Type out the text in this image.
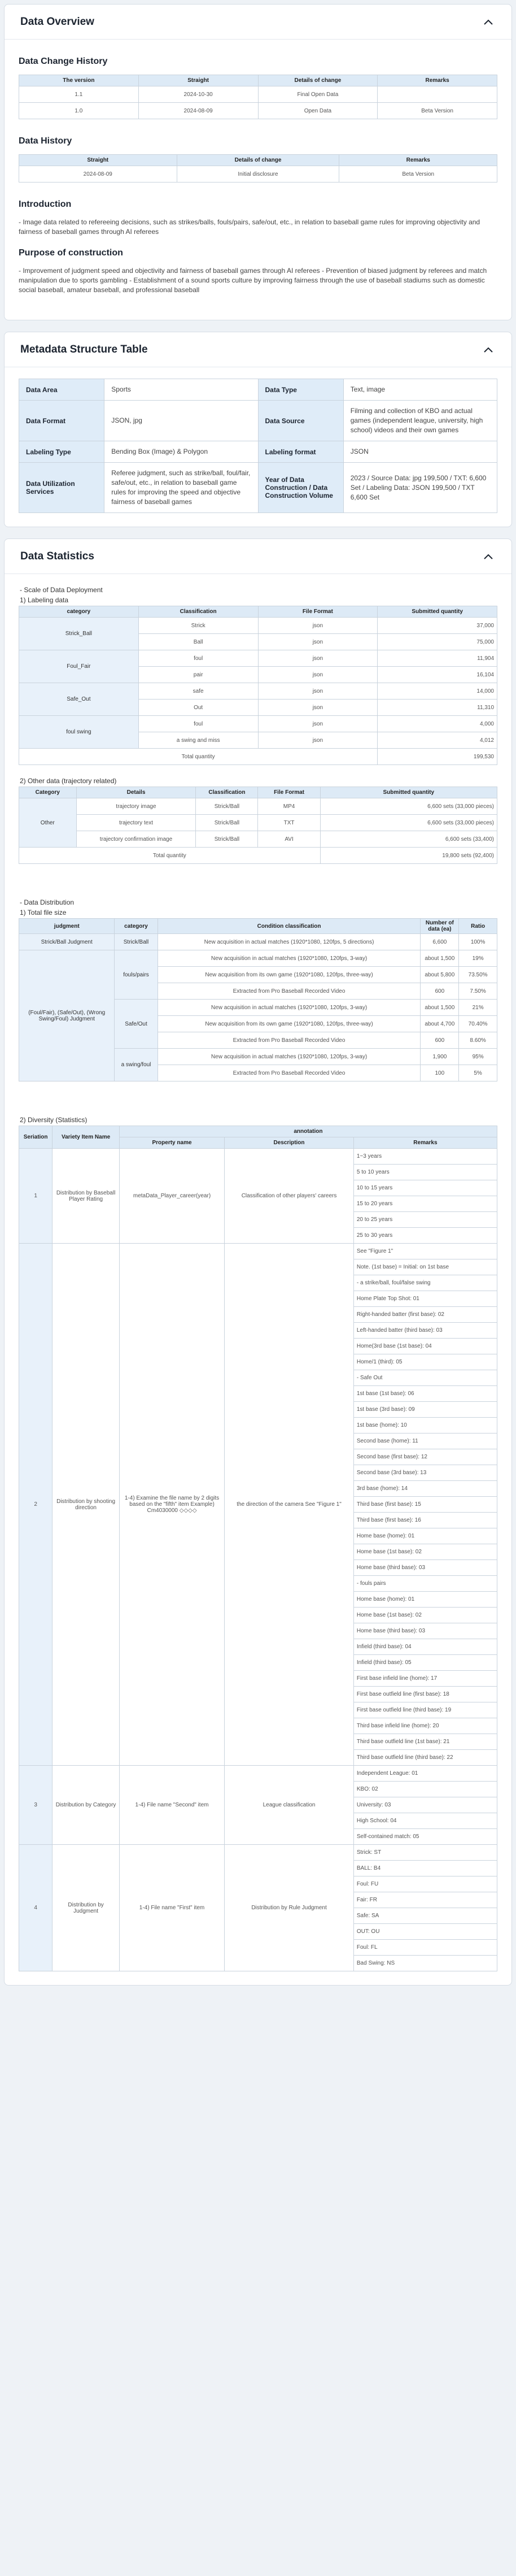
Data Overview
Data Change History
The version	Straight	Details of change	Remarks
1.1	2024-10-30	Final Open Data	
1.0	2024-08-09	Open Data	Beta Version
Data History
Straight	Details of change	Remarks
2024-08-09	Initial disclosure	Beta Version
Introduction

- Image data related to refereeing decisions, such as strikes/balls, fouls/pairs, safe/out, etc., in relation to baseball game rules for improving objectivity and fairness of baseball games through AI referees

Purpose of construction

- Improvement of judgment speed and objectivity and fairness of baseball games through AI referees - Prevention of biased judgment by referees and match manipulation due to sports gambling - Establishment of a sound sports culture by improving fairness through the use of baseball stadiums such as domestic social baseball, amateur baseball, and professional baseball

Metadata Structure Table
Data Area	Sports	Data Type	Text, image
Data Format	JSON, jpg	Data Source	Filming and collection of KBO and actual games (independent league, university, high school) videos and their own games
Labeling Type	Bending Box (Image) & Polygon	Labeling format	JSON
Data Utilization Services	Referee judgment, such as strike/ball, foul/fair, safe/out, etc., in relation to baseball game rules for improving the speed and objective fairness of baseball games	Year of Data Construction / Data Construction Volume	2023 / Source Data: jpg 199,500 / TXT: 6,600 Set / Labeling Data: JSON 199,500 / TXT 6,600 Set
Data Statistics
- Scale of Data Deployment
1) Labeling data
category	Classification	File Format	Submitted quantity
Strick_Ball	Strick	json	37,000
	Ball	json	75,000
Foul_Fair	foul	json	11,904
	pair	json	16,104
Safe_Out	safe	json	14,000
	Out	json	11,310
foul swing	foul	json	4,000
	a swing and miss	json	4,012
Total quantity			199,530
2) Other data (trajectory related)
Category	Details	Classification	File Format	Submitted quantity
Other	trajectory image	Strick/Ball	MP4	6,600 sets (33,000 pieces)
	trajectory text	Strick/Ball	TXT	6,600 sets (33,000 pieces)
	trajectory confirmation image	Strick/Ball	AVI	6,600 sets (33,400)
Total quantity				19,800 sets (92,400)
- Data Distribution
1) Total file size
judgment	category	Condition classification	Number of data (ea)	Ratio
Strick/Ball Judgment	Strick/Ball	New acquisition in actual matches (1920*1080, 120fps, 5 directions)	6,600	100%
(Foul/Fair), (Safe/Out), (Wrong Swing/Foul) Judgment	fouls/pairs	New acquisition in actual matches (1920*1080, 120fps, 3-way)	about 1,500	19%
		New acquisition from its own game (1920*1080, 120fps, three-way)	about 5,800	73.50%
		Extracted from Pro Baseball Recorded Video	600	7.50%
	Safe/Out	New acquisition in actual matches (1920*1080, 120fps, 3-way)	about 1,500	21%
		New acquisition from its own game (1920*1080, 120fps, three-way)	about 4,700	70.40%
		Extracted from Pro Baseball Recorded Video	600	8.60%
	a swing/foul	New acquisition in actual matches (1920*1080, 120fps, 3-way)	1,900	95%
		Extracted from Pro Baseball Recorded Video	100	5%
2) Diversity (Statistics)
Seriation	Variety Item Name	annotation		
		Property name	Description	Remarks
1	Distribution by Baseball Player Rating	metaData_Player_career(year)	Classification of other players' careers	1~3 years
				5 to 10 years
				10 to 15 years
				15 to 20 years
				20 to 25 years
				25 to 30 years
2	Distribution by shooting direction	1-4) Examine the file name by 2 digits based on the "fifth" item Example) Cm4030000 ◇◇◇◇	the direction of the camera See "Figure 1"	See "Figure 1"
				Note. (1st base) = Initial: on 1st base
				- a strike/ball, foul/false swing
				Home Plate Top Shot: 01
				Right-handed batter (first base): 02
				Left-handed batter (third base): 03
				Home(3rd base (1st base): 04
				Home/1 (third): 05
				- Safe Out
				1st base (1st base): 06
				1st base (3rd base): 09
				1st base (home): 10
				Second base (home): 11
				Second base (first base): 12
				Second base (3rd base): 13
				3rd base (home): 14
				Third base (first base): 15
				Third base (first base): 16
				Home base (home): 01
				Home base (1st base): 02
				Home base (third base): 03
				- fouls pairs
				Home base (home): 01
				Home base (1st base): 02
				Home base (third base): 03
				Infield (third base): 04
				Infield (third base): 05
				First base infield line (home): 17
				First base outfield line (first base): 18
				First base outfield line (third base): 19
				Third base infield line (home): 20
				Third base outfield line (1st base): 21
				Third base outfield line (third base): 22
3	Distribution by Category	1-4) File name "Second" item	League classification	Independent League: 01
				KBO: 02
				University: 03
				High School: 04
				Self-contained match: 05
4	Distribution by Judgment	1-4) File name "First" item	Distribution by Rule Judgment	Strick: ST
				BALL: B4
				Foul: FU
				Fair: FR
				Safe: SA
				OUT: OU
				Foul: FL
				Bad Swing: NS
